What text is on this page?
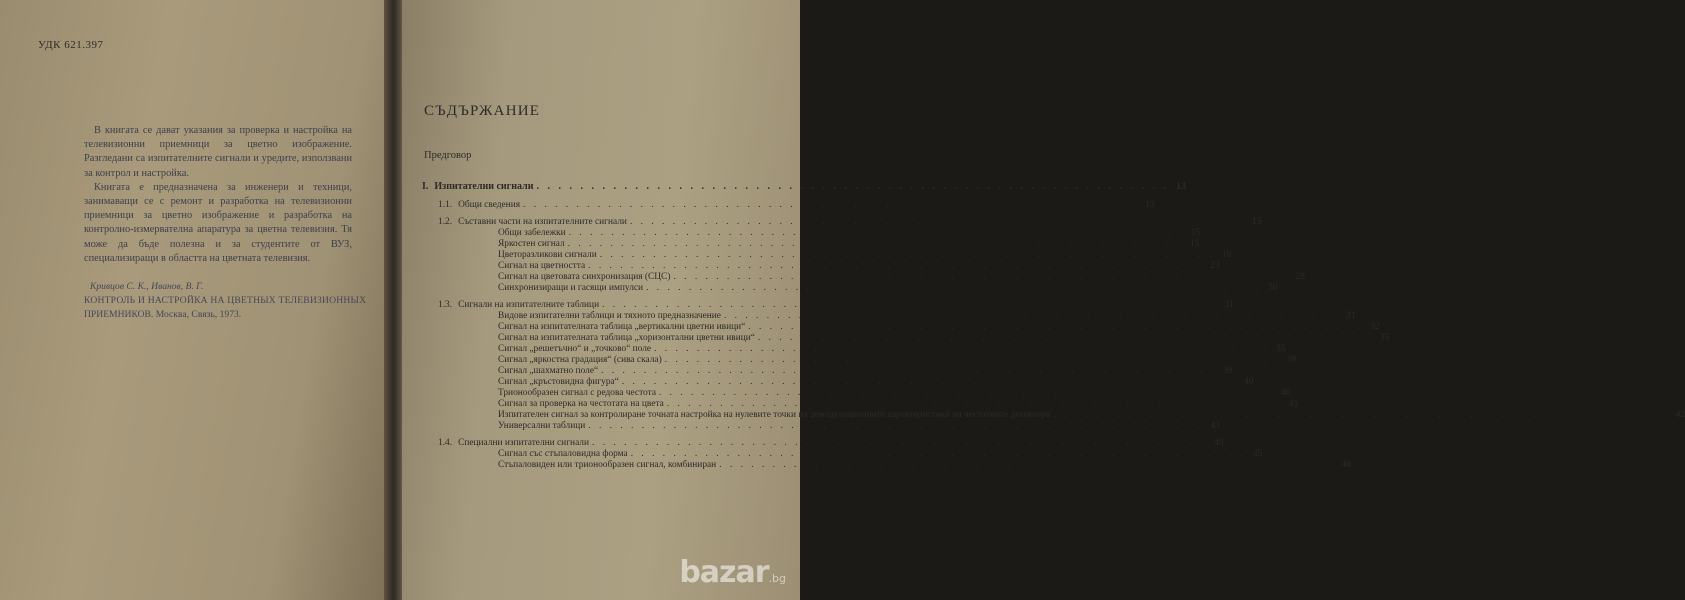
УДК 621.397

В книгата се дават указания за проверка и настройка на телевизионни приемници за цветно изображение. Разгледани са изпитателните сигнали и уредите, използвани за контрол и настройка.

Книгата е предназначена за инженери и техници, занимаващи се с ремонт и разработка на телевизионни приемници за цветно изображение и разработка на контролно-измервателна апаратура за цветна телевизия. Тя може да бъде полезна и за студентите от ВУЗ, специализиращи в областта на цветната телевизия.

Кривцов С. К., Иванов, В. Г.
КОНТРОЛЬ И НАСТРОЙКА НА ЦВЕТНЫХ ТЕЛЕВИЗИОННЫХ
ПРИЕМНИКОВ. Москва, Связь, 1973.
СЪДЪРЖАНИЕ
Предговор
I. Изпитателни сигнали . . .	13
1.1. Общи сведения . . .	13
1.2. Съставни части на изпитателните сигнали . . .	15
Общи забележки . . .	15
Яркостен сигнал . . .	15
Цветоразликови сигнали . . .	18
Сигнал на цветността . . .	23
Сигнал на цветовата синхронизация (СЦС) . . .	28
Синхронизиращи и гасящи импулси . . .	30
1.3. Сигнали на изпитателните таблици . . .	31
Видове изпитателни таблици и тяхното предназначение . . .	31
Сигнал на изпитателната таблица „вертикални цветни ивици“ . . .	32
Сигнал на изпитателната таблица „хоризонтални цветни ивици“ . . .	35
Сигнал „решетъчно“ и „точково“ поле . . .	35
Сигнал „яркостна градация“ (сива скала) . . .	38
Сигнал „шахматно поле“ . . .	39
Сигнал „кръстовидна фигура“ . . .	40
Трионообразен сигнал с редова честота . . .	40
Сигнал за проверка на честотата на цвета . . .	41
Изпитателен сигнал за контролиране точната настройка на нулевите точки на демодулационните характеристики на честотните детектори . . .	42
Универсални таблици . . .	43
1.4. Специални изпитателни сигнали . . .	45
Сигнал със стъпаловидна форма . . .	45
Стъпаловиден или трионообразен сигнал, комбиниран . . .	46
bazar.bg
